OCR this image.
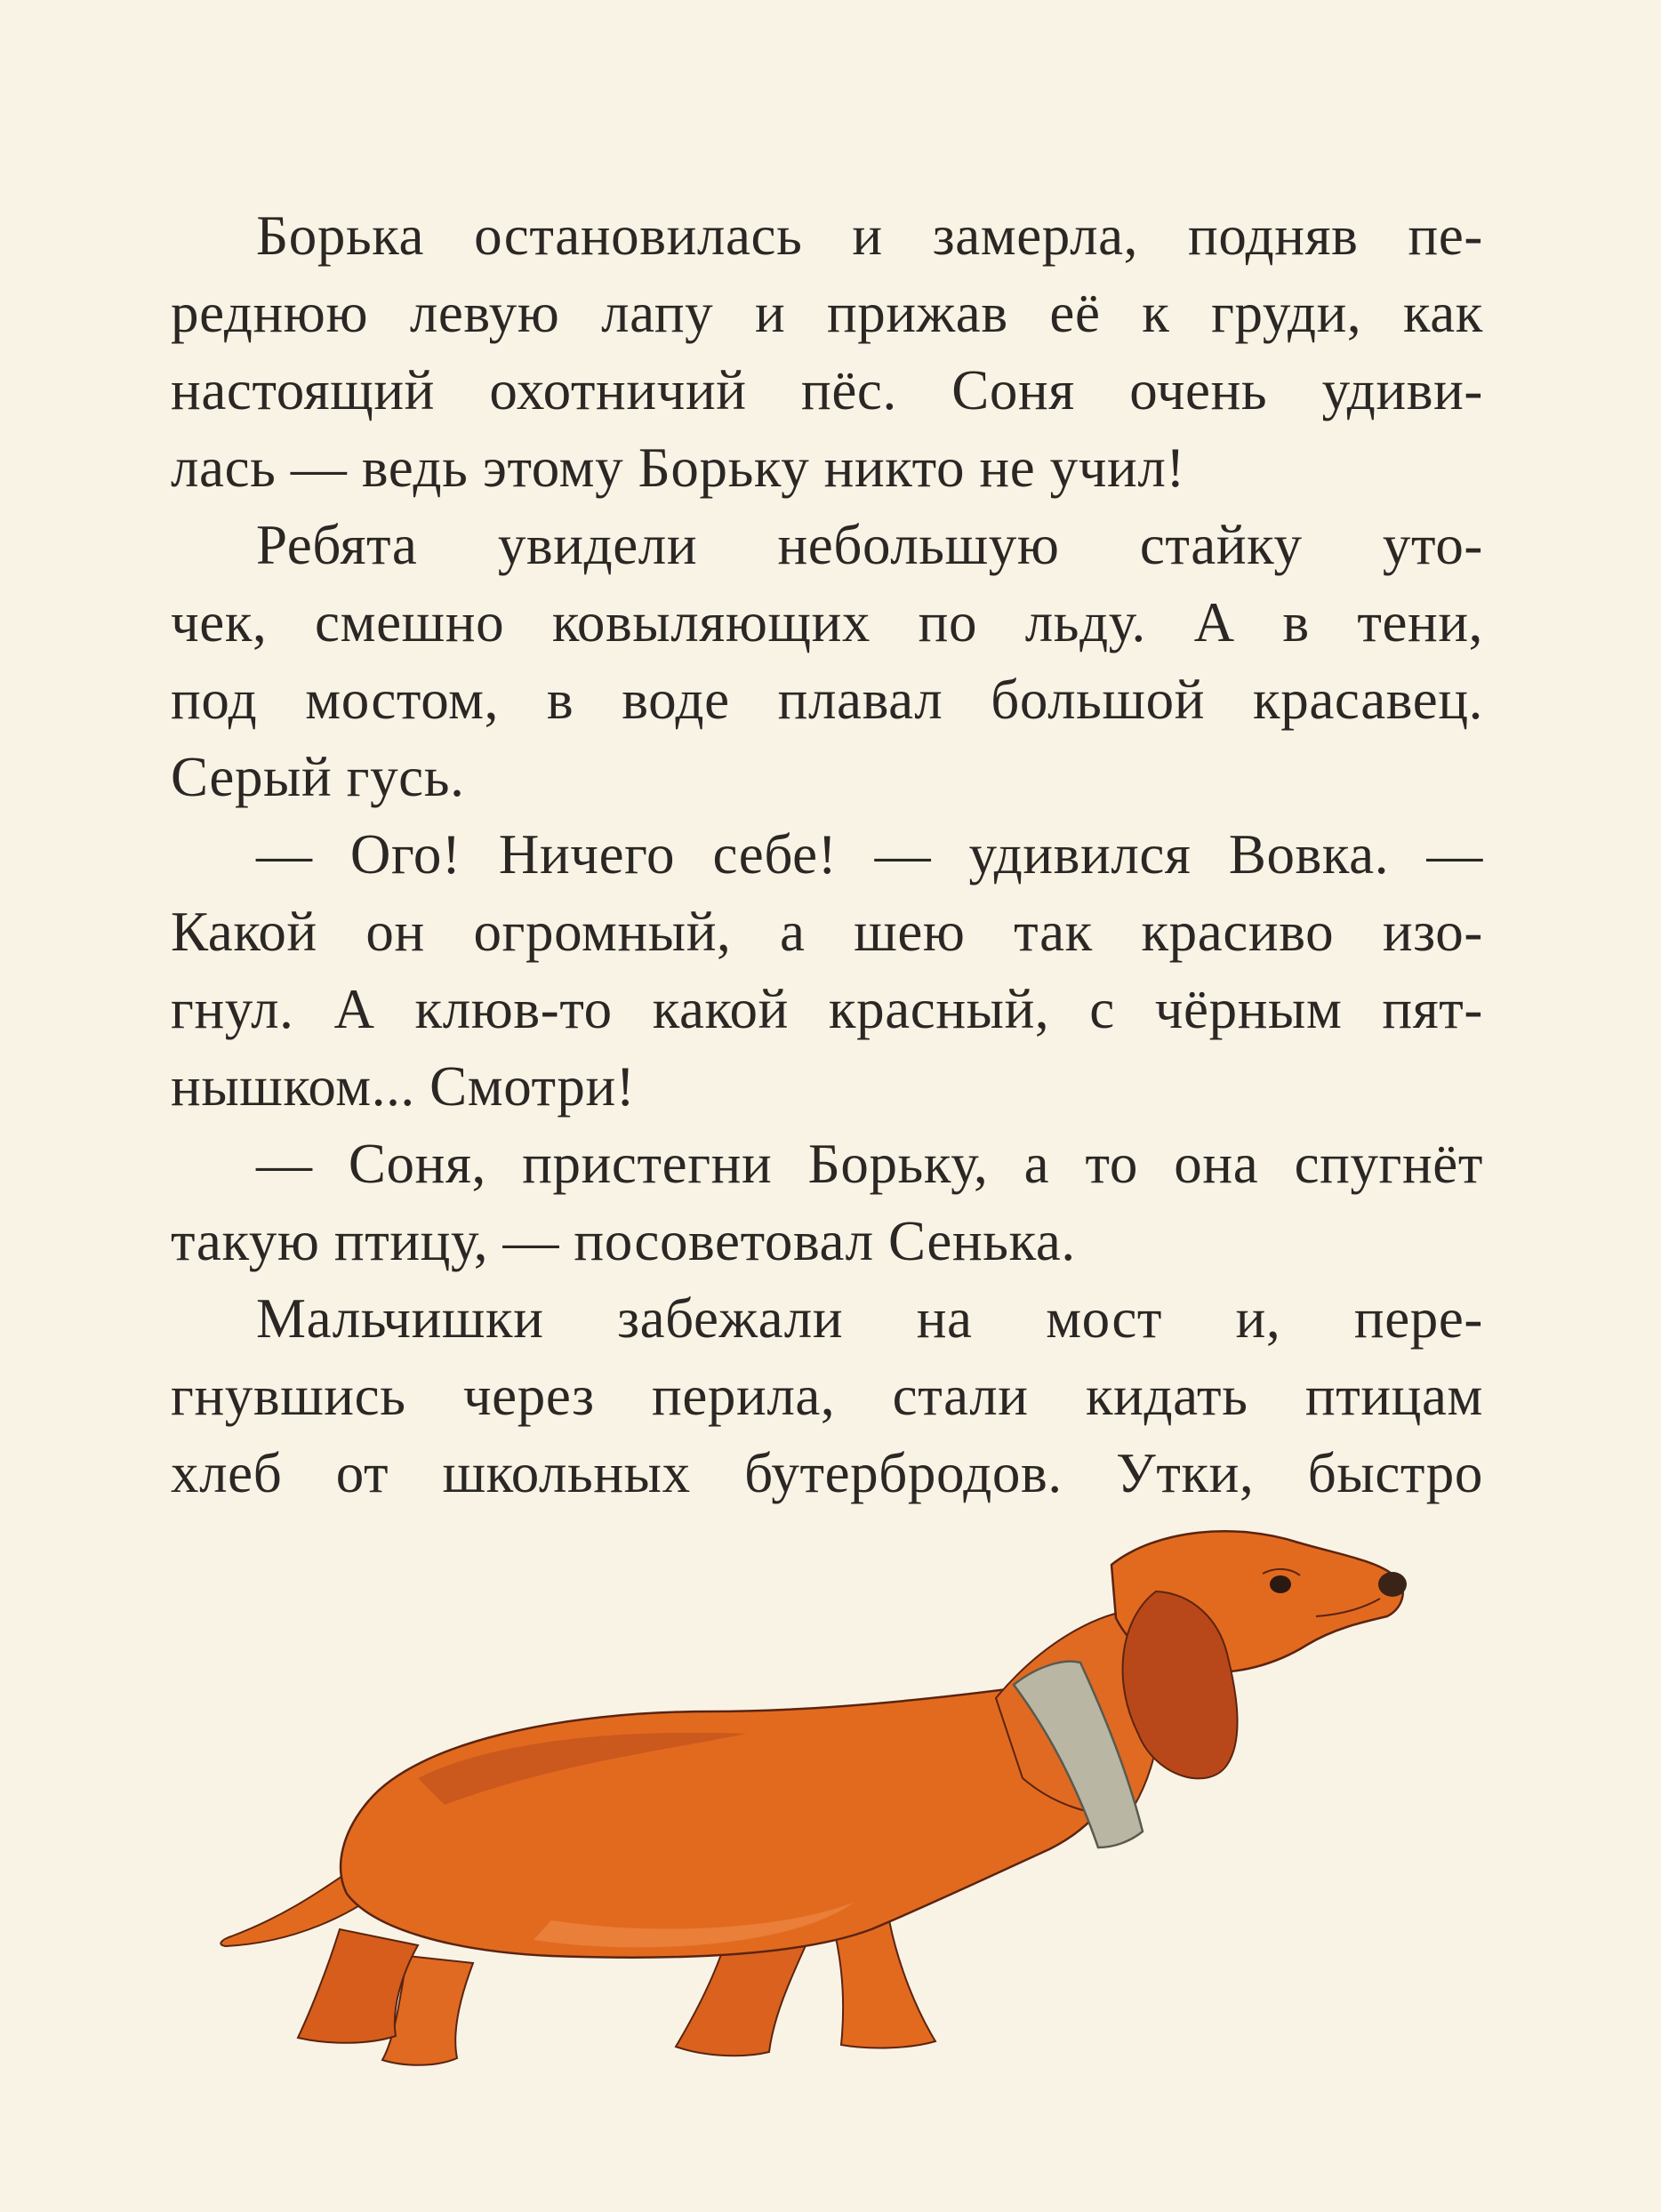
Борька остановилась и замерла, подняв пе-
реднюю левую лапу и прижав её к груди, как
настоящий охотничий пёс. Соня очень удиви-
лась — ведь этому Борьку никто не учил!
Ребята увидели небольшую стайку уто-
чек, смешно ковыляющих по льду. А в тени,
под мостом, в воде плавал большой красавец.
Серый гусь.
— Ого! Ничего себе! — удивился Вовка. —
Какой он огромный, а шею так красиво изо-
гнул. А клюв-то какой красный, с чёрным пят-
нышком... Смотри!
— Соня, пристегни Борьку, а то она спугнёт
такую птицу, — посоветовал Сенька.
Мальчишки забежали на мост и, пере-
гнувшись через перила, стали кидать птицам
хлеб от школьных бутербродов. Утки, быстро
